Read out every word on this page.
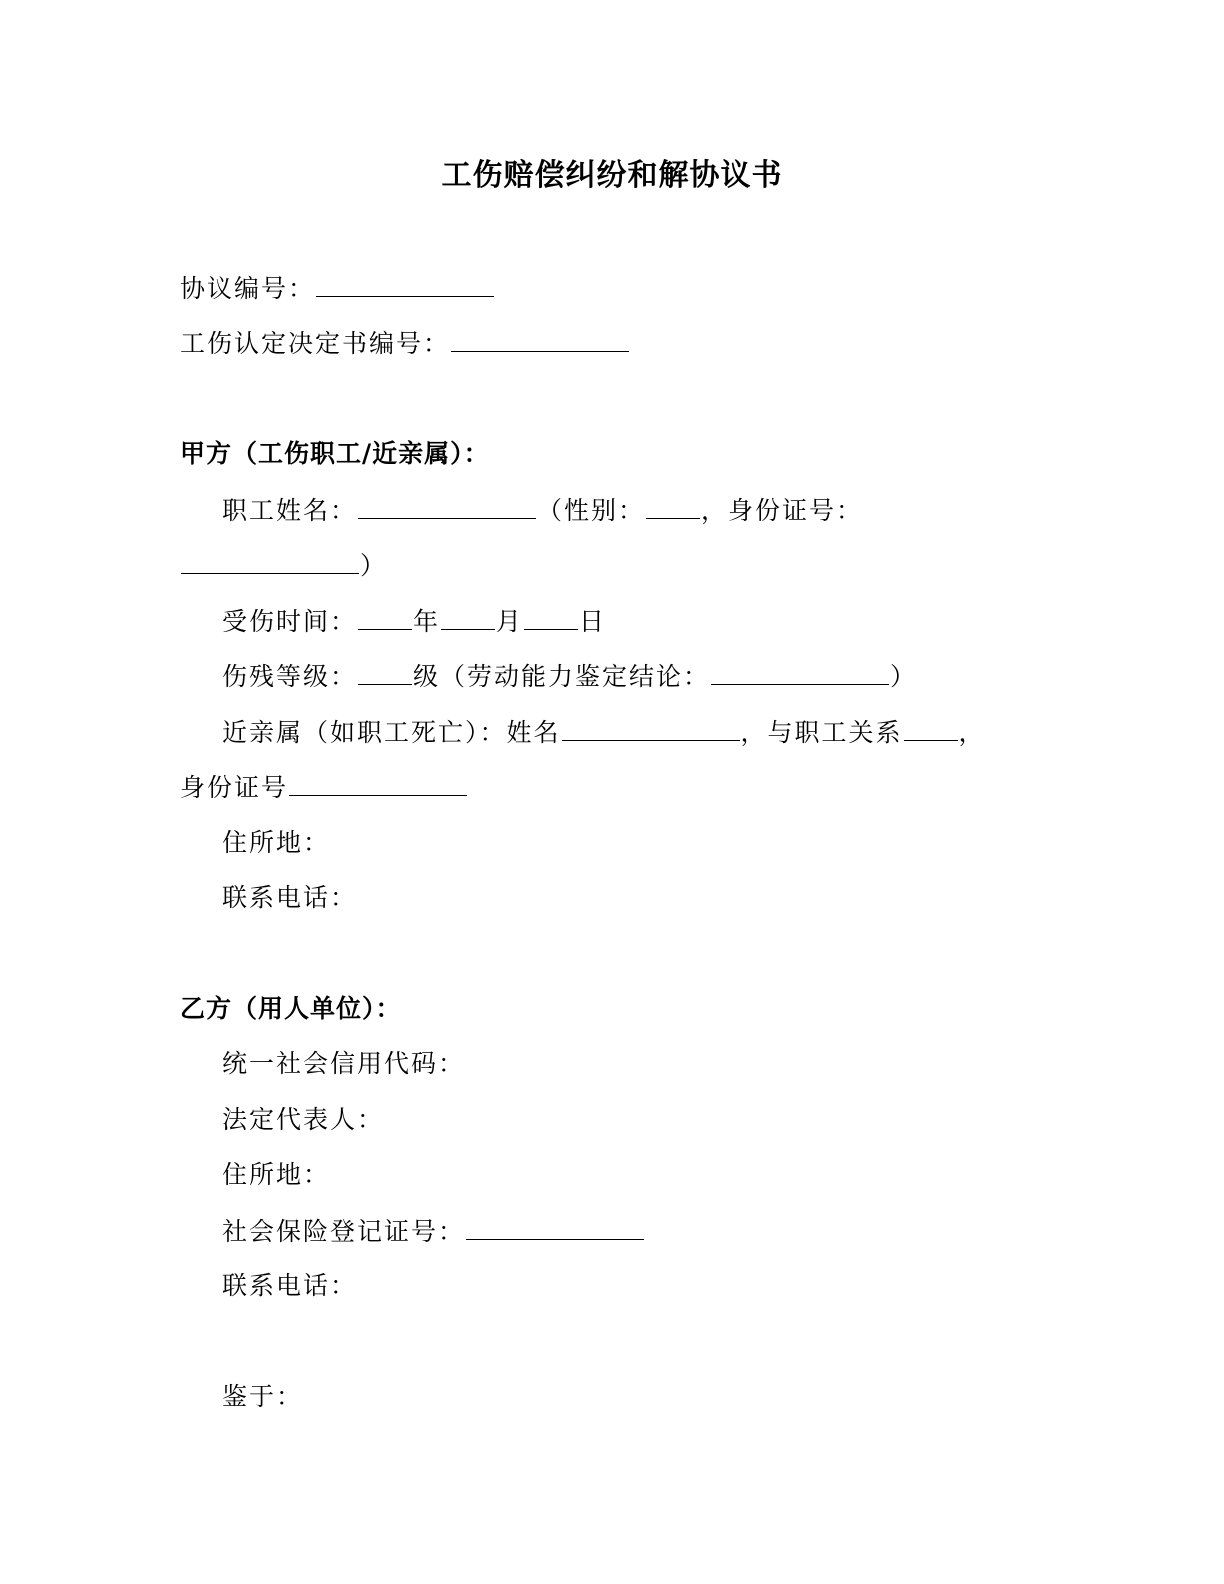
工伤赔偿纠纷和解协议书
协议编号：
工伤认定决定书编号：
甲方（工伤职工/近亲属）：
职工姓名：	（性别： ，身份证号：
）
受伤时间： 年 月 日
伤残等级： 级（劳动能力鉴定结论：	）
近亲属（如职工死亡）：姓名	，与职工关系 ，
身份证号
住所地：
联系电话：
乙方（用人单位）：
统一社会信用代码：
法定代表人：
住所地：
社会保险登记证号：
联系电话：
鉴于：
